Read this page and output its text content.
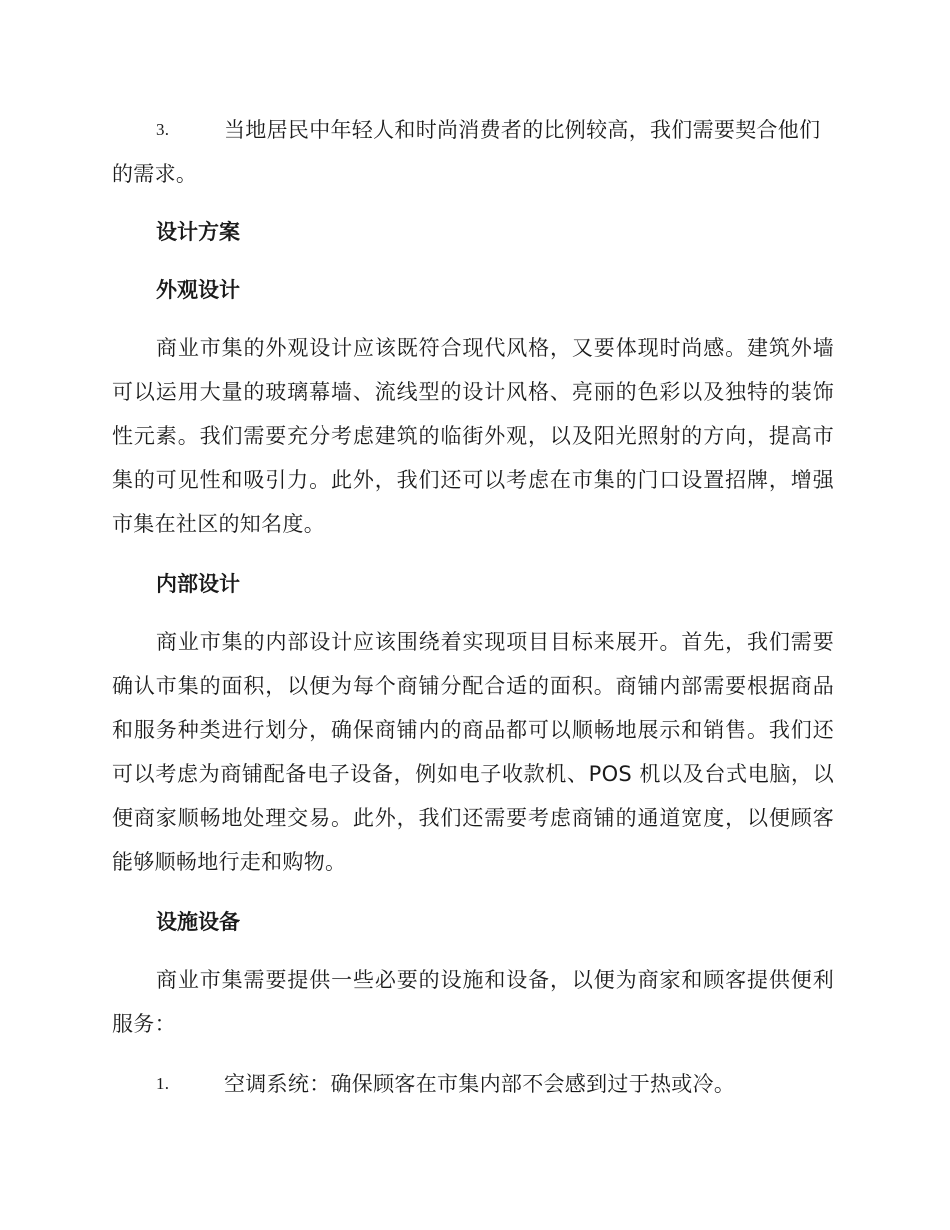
3.	当地居民中年轻人和时尚消费者的比例较高，我们需要契合他们
的需求。
设计方案
外观设计
商业市集的外观设计应该既符合现代风格，又要体现时尚感。建筑外墙可以运用大量的玻璃幕墙、流线型的设计风格、亮丽的色彩以及独特的装饰性元素。我们需要充分考虑建筑的临街外观，以及阳光照射的方向，提高市集的可见性和吸引力。此外，我们还可以考虑在市集的门口设置招牌，增强市集在社区的知名度。
内部设计
商业市集的内部设计应该围绕着实现项目目标来展开。首先，我们需要确认市集的面积，以便为每个商铺分配合适的面积。商铺内部需要根据商品和服务种类进行划分，确保商铺内的商品都可以顺畅地展示和销售。我们还可以考虑为商铺配备电子设备，例如电子收款机、POS 机以及台式电脑，以便商家顺畅地处理交易。此外，我们还需要考虑商铺的通道宽度，以便顾客能够顺畅地行走和购物。
设施设备
商业市集需要提供一些必要的设施和设备，以便为商家和顾客提供便利服务：
1.	空调系统：确保顾客在市集内部不会感到过于热或冷。
